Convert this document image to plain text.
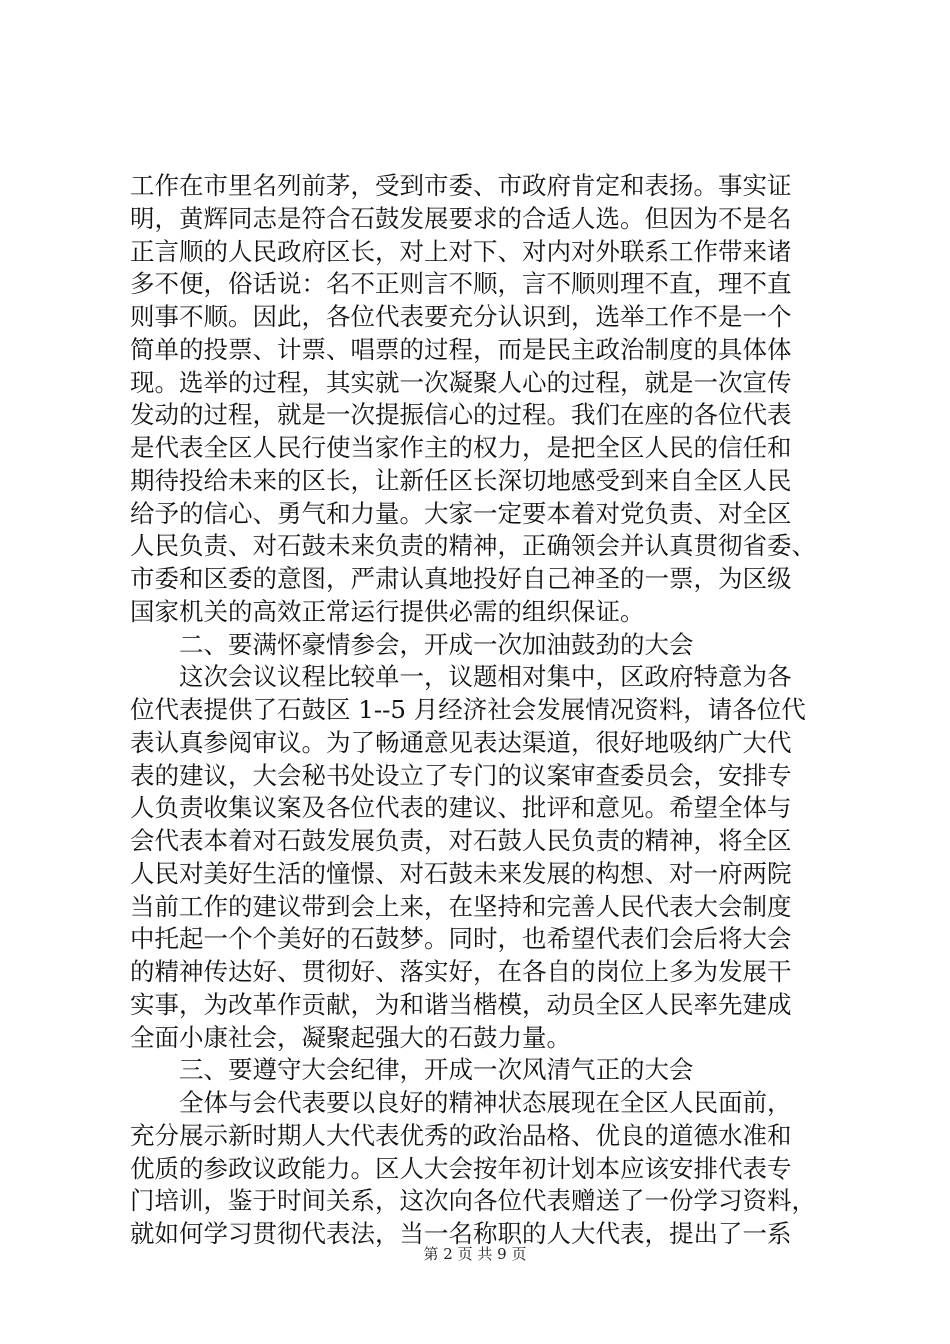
工作在市里名列前茅，受到市委、市政府肯定和表扬。事实证
明，黄辉同志是符合石鼓发展要求的合适人选。但因为不是名
正言顺的人民政府区长，对上对下、对内对外联系工作带来诸
多不便，俗话说：名不正则言不顺，言不顺则理不直，理不直
则事不顺。因此，各位代表要充分认识到，选举工作不是一个
简单的投票、计票、唱票的过程，而是民主政治制度的具体体
现。选举的过程，其实就一次凝聚人心的过程，就是一次宣传
发动的过程，就是一次提振信心的过程。我们在座的各位代表
是代表全区人民行使当家作主的权力，是把全区人民的信任和
期待投给未来的区长，让新任区长深切地感受到来自全区人民
给予的信心、勇气和力量。大家一定要本着对党负责、对全区
人民负责、对石鼓未来负责的精神，正确领会并认真贯彻省委、
市委和区委的意图，严肃认真地投好自己神圣的一票，为区级
国家机关的高效正常运行提供必需的组织保证。
　　二、要满怀豪情参会，开成一次加油鼓劲的大会
　　这次会议议程比较单一，议题相对集中，区政府特意为各
位代表提供了石鼓区 1--5 月经济社会发展情况资料，请各位代
表认真参阅审议。为了畅通意见表达渠道，很好地吸纳广大代
表的建议，大会秘书处设立了专门的议案审查委员会，安排专
人负责收集议案及各位代表的建议、批评和意见。希望全体与
会代表本着对石鼓发展负责，对石鼓人民负责的精神，将全区
人民对美好生活的憧憬、对石鼓未来发展的构想、对一府两院
当前工作的建议带到会上来，在坚持和完善人民代表大会制度
中托起一个个美好的石鼓梦。同时，也希望代表们会后将大会
的精神传达好、贯彻好、落实好，在各自的岗位上多为发展干
实事，为改革作贡献，为和谐当楷模，动员全区人民率先建成
全面小康社会，凝聚起强大的石鼓力量。
　　三、要遵守大会纪律，开成一次风清气正的大会
　　全体与会代表要以良好的精神状态展现在全区人民面前，
充分展示新时期人大代表优秀的政治品格、优良的道德水准和
优质的参政议政能力。区人大会按年初计划本应该安排代表专
门培训，鉴于时间关系，这次向各位代表赠送了一份学习资料，
就如何学习贯彻代表法，当一名称职的人大代表，提出了一系
第 2 页 共 9 页
